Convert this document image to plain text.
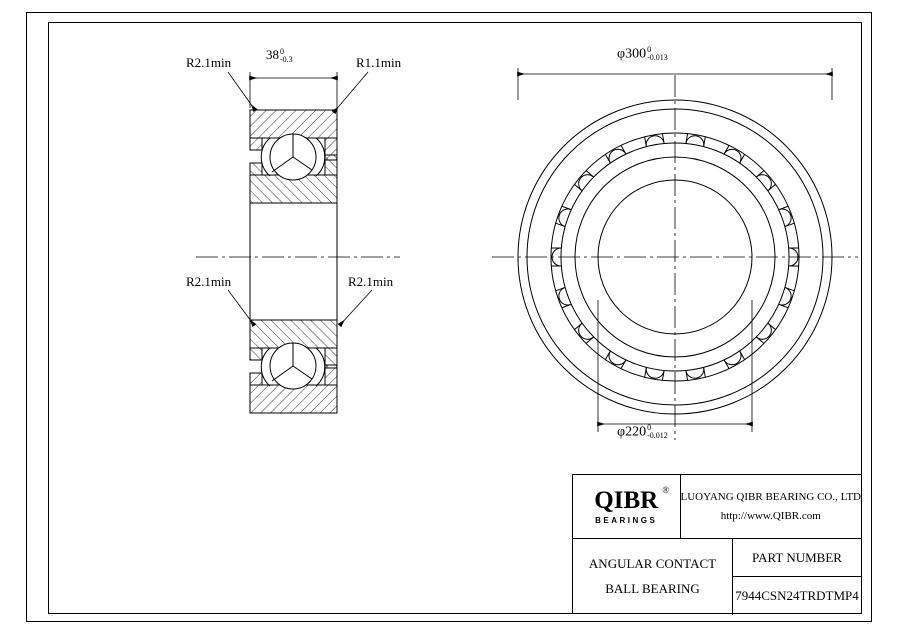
R2.1min
38 0
-0.3	R1.1min
R2.1min	R2.1min
φ300 0
-0.013
φ220 0
-0.012
QIBR ®
BEARINGS
LUOYANG QIBR BEARING CO., LTD
http://www.QIBR.com
ANGULAR CONTACT
BALL BEARING
PART NUMBER
7944CSN24TRDTMP4
